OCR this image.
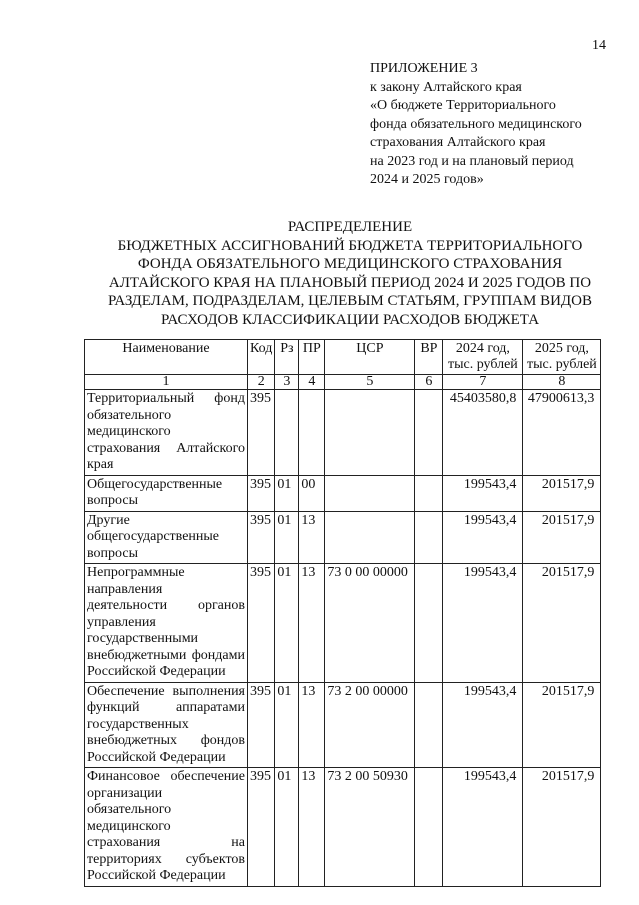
14
ПРИЛОЖЕНИЕ 3
к закону Алтайского края
«О бюджете Территориального
фонда обязательного медицинского
страхования Алтайского края
на 2023 год и на плановый период
2024 и 2025 годов»
РАСПРЕДЕЛЕНИЕ
БЮДЖЕТНЫХ АССИГНОВАНИЙ БЮДЖЕТА ТЕРРИТОРИАЛЬНОГО
ФОНДА ОБЯЗАТЕЛЬНОГО МЕДИЦИНСКОГО СТРАХОВАНИЯ
АЛТАЙСКОГО КРАЯ НА ПЛАНОВЫЙ ПЕРИОД 2024 И 2025 ГОДОВ ПО
РАЗДЕЛАМ, ПОДРАЗДЕЛАМ, ЦЕЛЕВЫМ СТАТЬЯМ, ГРУППАМ ВИДОВ
РАСХОДОВ КЛАССИФИКАЦИИ РАСХОДОВ БЮДЖЕТА
Наименование	Код	Рз	ПР	ЦСР	ВР	2024 год, тыс. рублей	2025 год, тыс. рублей
1	2	3	4	5	6	7	8
Территориальный фонд обязательного медицинского страхования Алтайского края	395					45403580,8	47900613,3
Общегосударственные вопросы	395	01	00			199543,4	201517,9
Другие общегосударственные вопросы	395	01	13			199543,4	201517,9
Непрограммные направления деятельности органов управления государственными внебюджетными фондами Российской Федерации	395	01	13	73 0 00 00000		199543,4	201517,9
Обеспечение выполнения функций аппаратами государственных внебюджетных фондов Российской Федерации	395	01	13	73 2 00 00000		199543,4	201517,9
Финансовое обеспечение организации обязательного медицинского страхования на территориях субъектов Российской Федерации	395	01	13	73 2 00 50930		199543,4	201517,9
